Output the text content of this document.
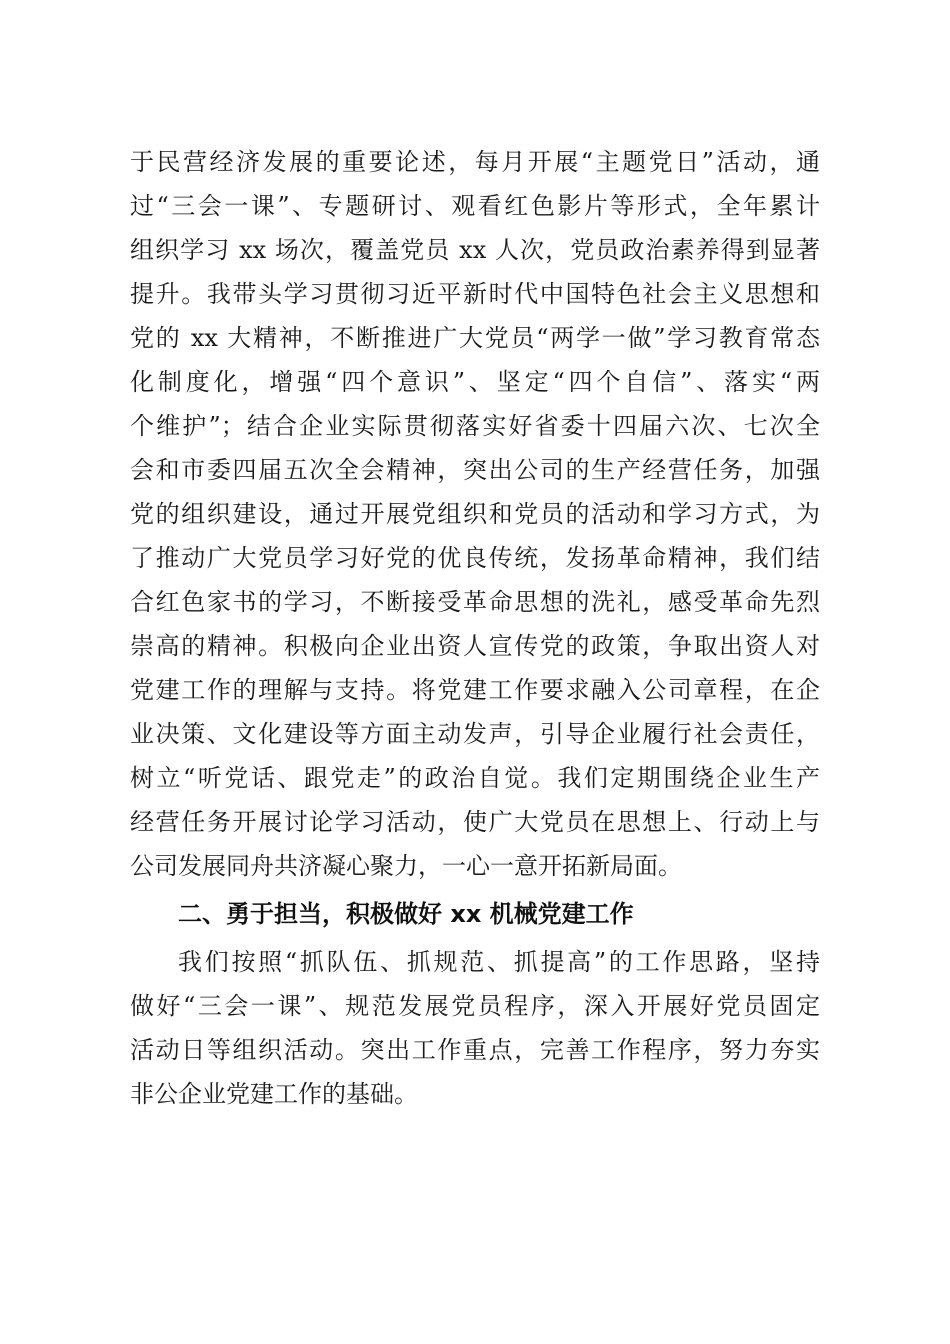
于民营经济发展的重要论述，每月开展“主题党日”活动，通
过“三会一课”、专题研讨、观看红色影片等形式，全年累计
组织学习 xx 场次，覆盖党员 xx 人次，党员政治素养得到显著
提升。我带头学习贯彻习近平新时代中国特色社会主义思想和
党的 xx 大精神，不断推进广大党员“两学一做”学习教育常态
化制度化，增强“四个意识”、坚定“四个自信”、落实“两
个维护”；结合企业实际贯彻落实好省委十四届六次、七次全
会和市委四届五次全会精神，突出公司的生产经营任务，加强
党的组织建设，通过开展党组织和党员的活动和学习方式，为
了推动广大党员学习好党的优良传统，发扬革命精神，我们结
合红色家书的学习，不断接受革命思想的洗礼，感受革命先烈
崇高的精神。积极向企业出资人宣传党的政策，争取出资人对
党建工作的理解与支持。将党建工作要求融入公司章程，在企
业决策、文化建设等方面主动发声，引导企业履行社会责任，
树立“听党话、跟党走”的政治自觉。我们定期围绕企业生产
经营任务开展讨论学习活动，使广大党员在思想上、行动上与
公司发展同舟共济凝心聚力，一心一意开拓新局面。
二、勇于担当，积极做好 xx 机械党建工作
我们按照“抓队伍、抓规范、抓提高”的工作思路，坚持
做好“三会一课”、规范发展党员程序，深入开展好党员固定
活动日等组织活动。突出工作重点，完善工作程序，努力夯实
非公企业党建工作的基础。
